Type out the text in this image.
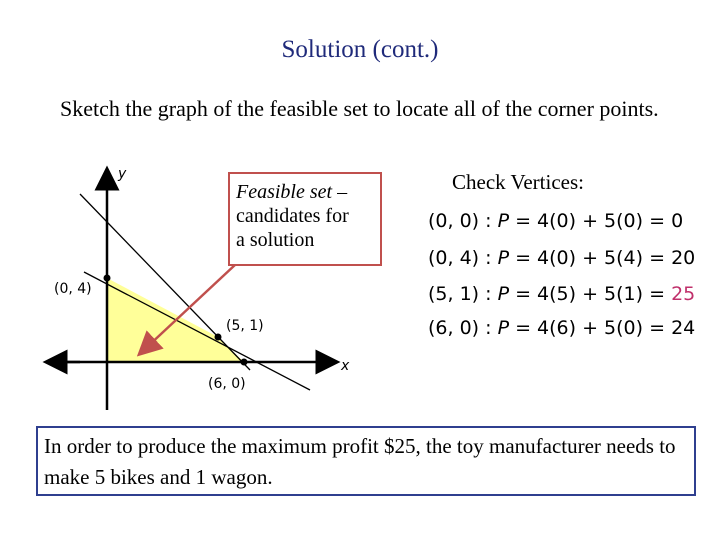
Solution (cont.)
Sketch the graph of the feasible set to locate all of the corner points.
y
x
(0, 4)
(5, 1)
(6, 0)
Feasible set –
candidates for
a solution
Check Vertices:
(0, 0) : P = 4(0) + 5(0) = 0
(0, 4) : P = 4(0) + 5(4) = 20
(5, 1) : P = 4(5) + 5(1) = 25
(6, 0) : P = 4(6) + 5(0) = 24
In order to produce the maximum profit $25, the toy manufacturer needs to make 5 bikes and 1 wagon.
